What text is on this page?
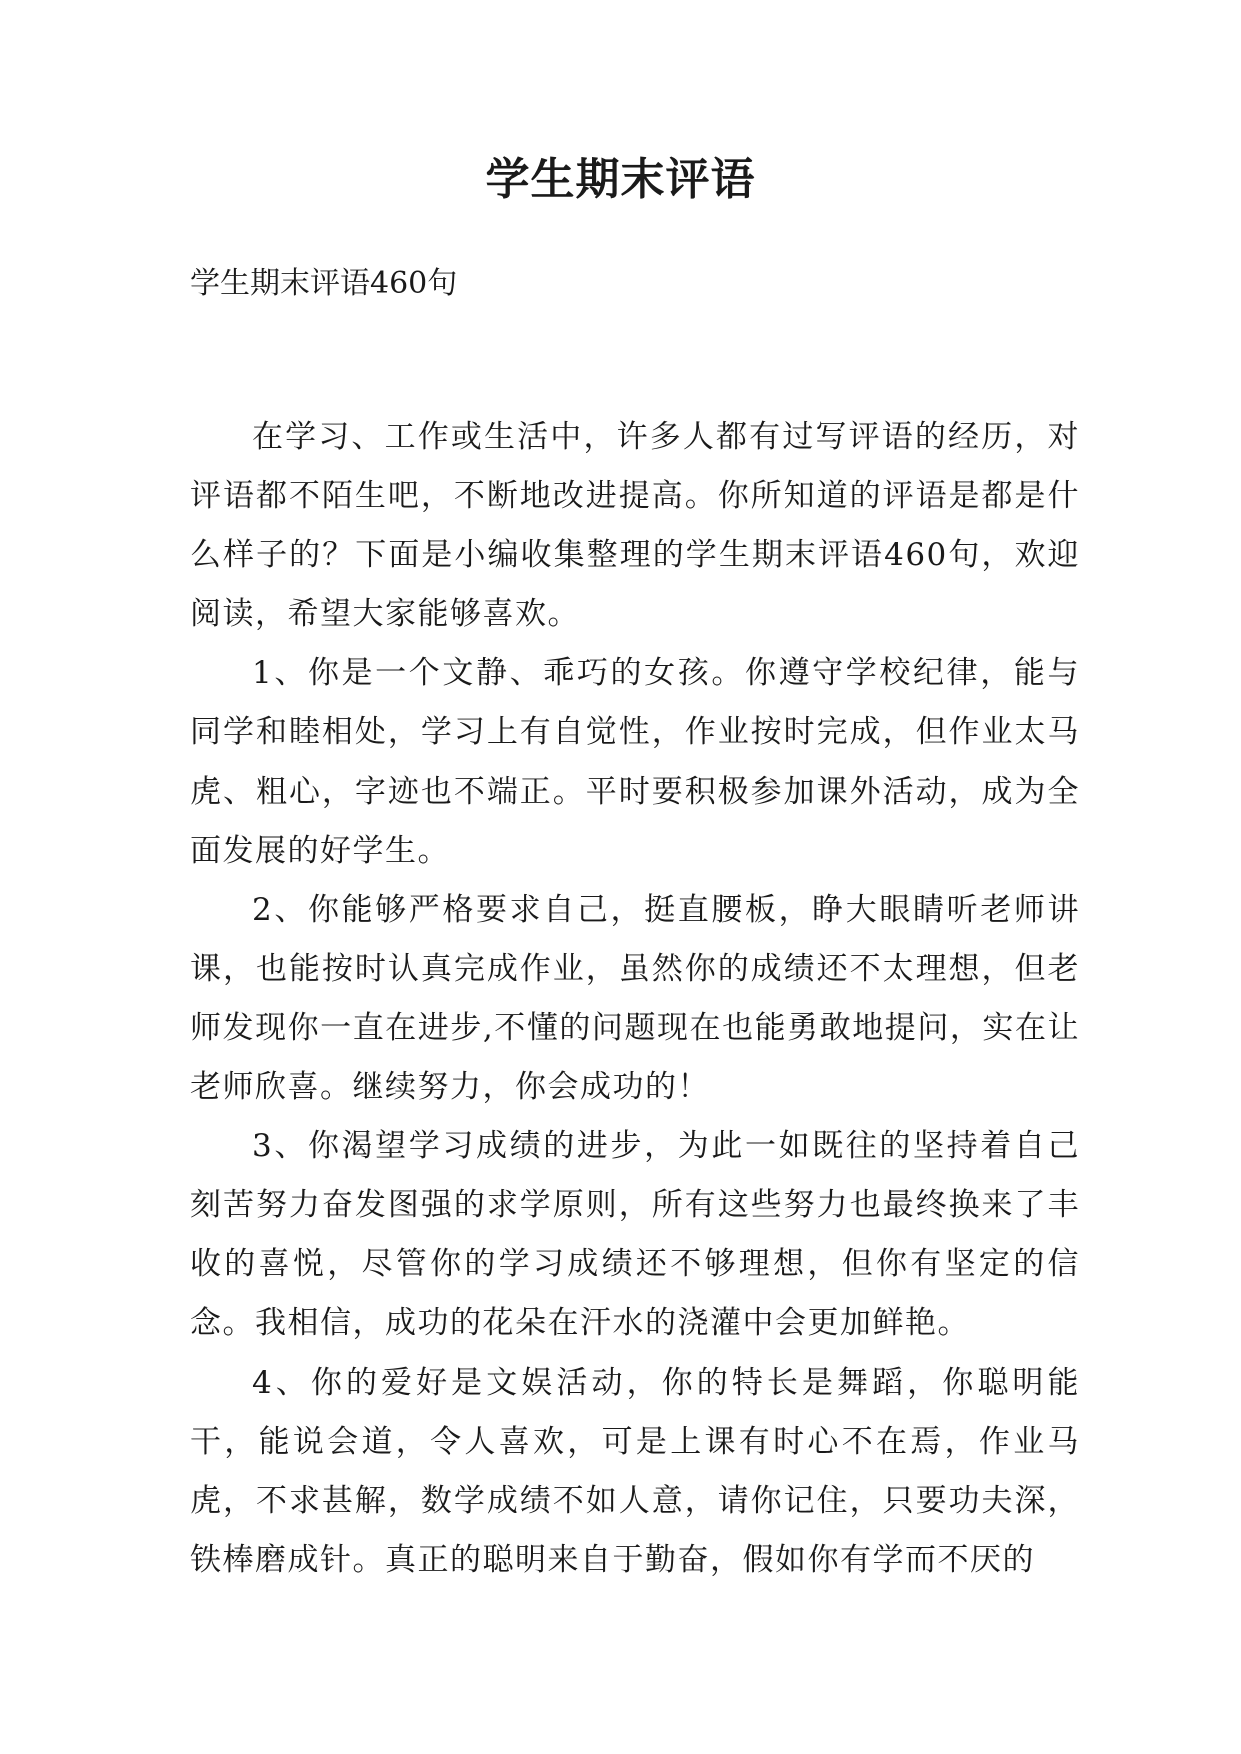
学生期末评语

学生期末评语460句

在学习、工作或生活中，许多人都有过写评语的经历，对评语都不陌生吧，不断地改进提高。你所知道的评语是都是什么样子的？下面是小编收集整理的学生期末评语460句，欢迎阅读，希望大家能够喜欢。

1、你是一个文静、乖巧的女孩。你遵守学校纪律，能与同学和睦相处，学习上有自觉性，作业按时完成，但作业太马虎、粗心，字迹也不端正。平时要积极参加课外活动，成为全面发展的好学生。

2、你能够严格要求自己，挺直腰板，睁大眼睛听老师讲课，也能按时认真完成作业，虽然你的成绩还不太理想，但老师发现你一直在进步,不懂的问题现在也能勇敢地提问，实在让老师欣喜。继续努力，你会成功的！

3、你渴望学习成绩的进步，为此一如既往的坚持着自己刻苦努力奋发图强的求学原则，所有这些努力也最终换来了丰收的喜悦，尽管你的学习成绩还不够理想，但你有坚定的信念。我相信，成功的花朵在汗水的浇灌中会更加鲜艳。

4、你的爱好是文娱活动，你的特长是舞蹈，你聪明能干，能说会道，令人喜欢，可是上课有时心不在焉，作业马虎，不求甚解，数学成绩不如人意，请你记住，只要功夫深，铁棒磨成针。真正的聪明来自于勤奋，假如你有学而不厌的
